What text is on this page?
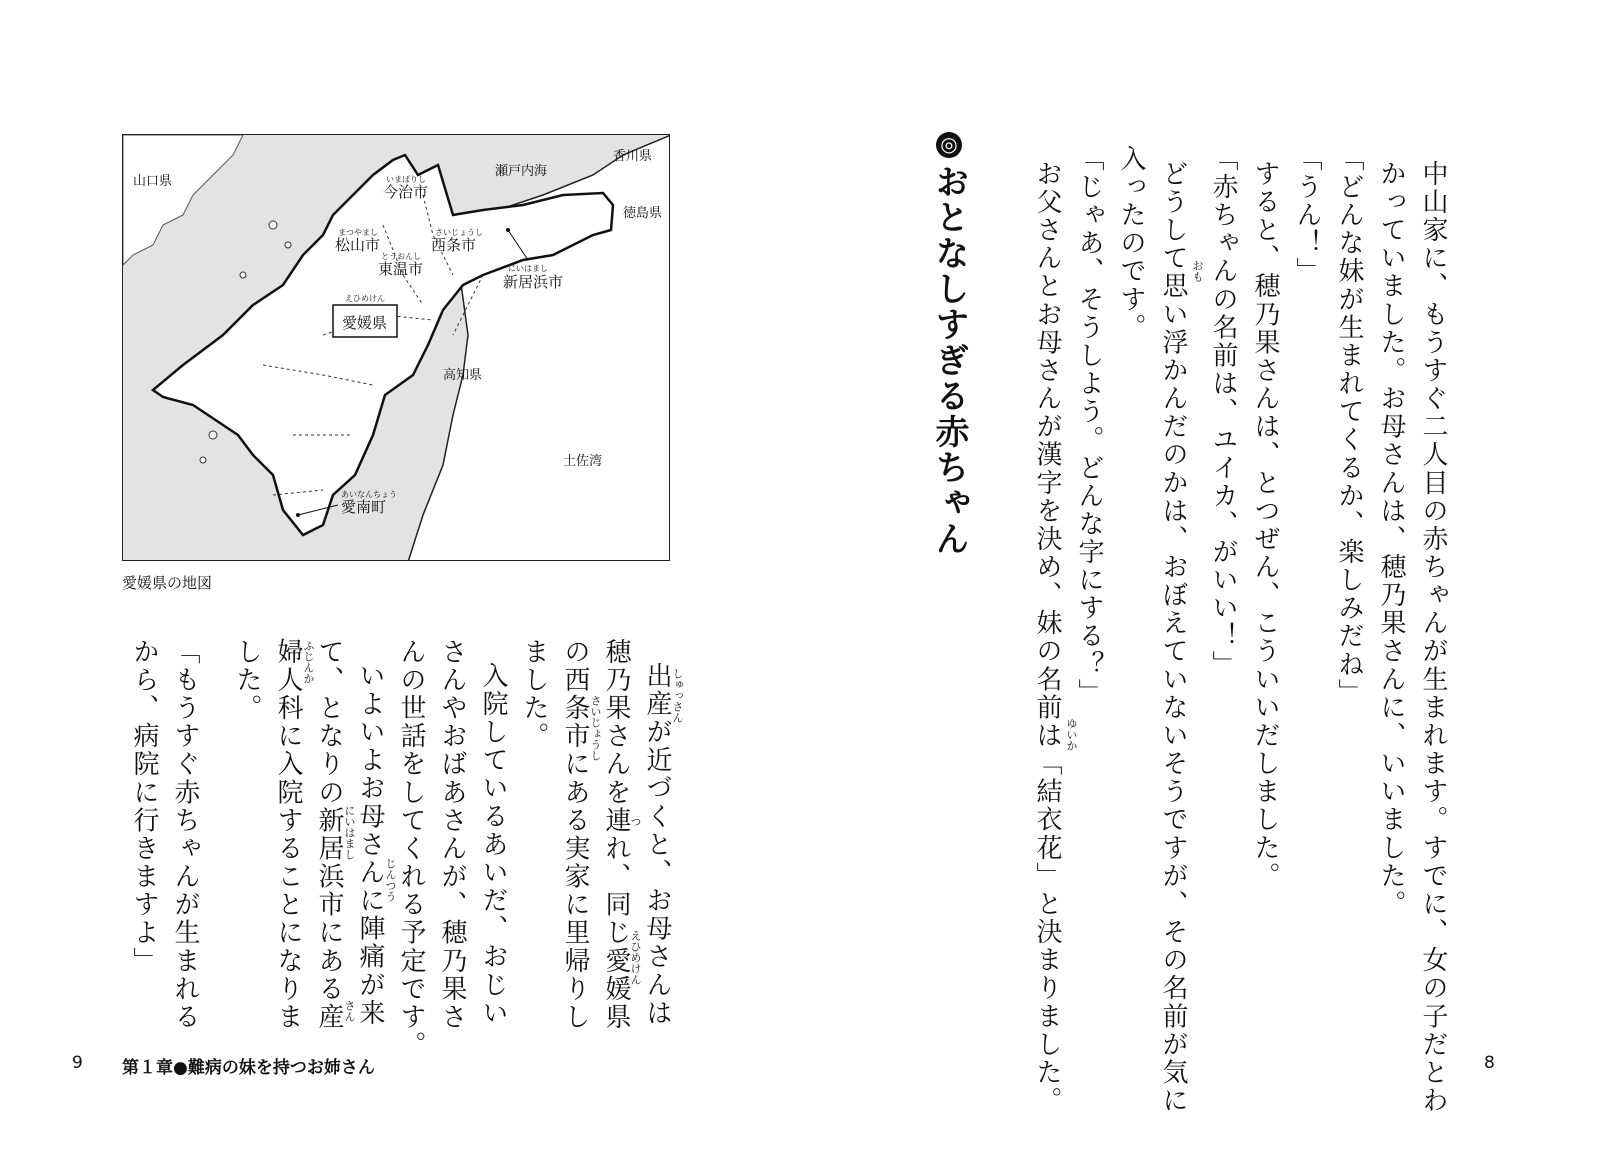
中山家に、もうすぐ二人目の赤ちゃんが生まれます。すでに、女の子だとわ
かっていました。お母さんは、穂乃果さんに、いいました。
「どんな妹が生まれてくるか、楽しみだね」
「うん！」
すると、穂乃果さんは、とつぜん、こういいだしました。
「赤ちゃんの名前は、ユイカ、がいい！」
おも
どうして思い浮かんだのかは、おぼえていないそうですが、その名前が気に
入ったのです。
「じゃあ、そうしよう。どんな字にする？」
お父さんとお母さんが漢字を決め、妹の名前は「結衣花」と決まりました。 ゆいか
◎おとなしすぎる赤ちゃん
8
しゅっさん
出産が近づくと、お母さんは
つ
えひめけん
穂乃果さんを連れ、同じ愛媛県
さいじょうし
の西条市にある実家に里帰りし
ました。
入院しているあいだ、おじい
さんやおばあさんが、穂乃果さ
んの世話をしてくれる予定です。
じんつう
いよいよお母さんに陣痛が来
にいはまし
さん
て、となりの新居浜市にある産
ふじんか
婦人科に入院することになりま
した。
「もうすぐ赤ちゃんが生まれる
から、病院に行きますよ」
山口県
瀬戸内海
香川県
徳島県
高知県
土佐湾
えひめけん
愛媛県
いまばりし
今治市
まつやまし
松山市
さいじょうし
西条市
とうおんし
東温市	にいはまし
新居浜市
あいなんちょう
愛南町
愛媛県の地図
9 第１章●難病の妹を持つお姉さん
